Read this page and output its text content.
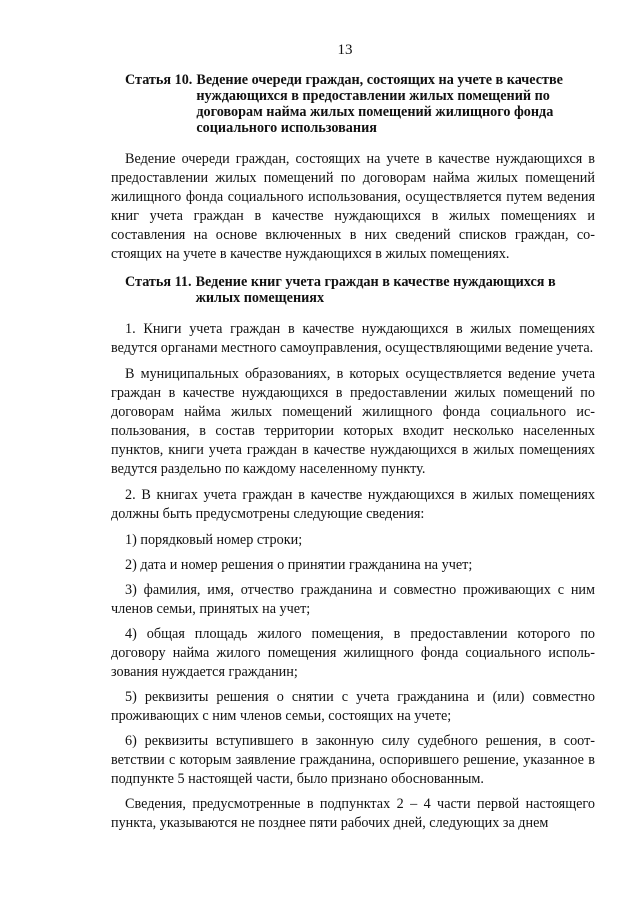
13
Статья 10. Ведение очереди граждан, состоящих на учете в качестве нуждающихся в предоставлении жилых помещений по договорам найма жилых помещений жилищного фонда социального использования

Ведение очереди граждан, состоящих на учете в качестве нуждающихся в предоставлении жилых помещений по договорам найма жилых помещений жилищного фонда социального использования, осуществляется путем ведения книг учета граждан в качестве нуждающихся в жилых помещениях и составления на основе включенных в них сведений списков граждан, состоящих на учете в качестве нуждающихся в жилых помещениях.

Статья 11. Ведение книг учета граждан в качестве нуждающихся в жилых помещениях

1. Книги учета граждан в качестве нуждающихся в жилых помещениях ведутся органами местного самоуправления, осуществляющими ведение учета.

В муниципальных образованиях, в которых осуществляется ведение учета граждан в качестве нуждающихся в предоставлении жилых помещений по договорам найма жилых помещений жилищного фонда социального использования, в состав территории которых входит несколько населенных пунктов, книги учета граждан в качестве нуждающихся в жилых помещениях ведутся раздельно по каждому населенному пункту.

2. В книгах учета граждан в качестве нуждающихся в жилых помещениях должны быть предусмотрены следующие сведения:

1) порядковый номер строки;

2) дата и номер решения о принятии гражданина на учет;

3) фамилия, имя, отчество гражданина и совместно проживающих с ним членов семьи, принятых на учет;

4) общая площадь жилого помещения, в предоставлении которого по договору найма жилого помещения жилищного фонда социального использования нуждается гражданин;

5) реквизиты решения о снятии с учета гражданина и (или) совместно проживающих с ним членов семьи, состоящих на учете;

6) реквизиты вступившего в законную силу судебного решения, в соответствии с которым заявление гражданина, оспорившего решение, указанное в подпункте 5 настоящей части, было признано обоснованным.

Сведения, предусмотренные в подпунктах 2 – 4 части первой настоящего пункта, указываются не позднее пяти рабочих дней, следующих за днем
